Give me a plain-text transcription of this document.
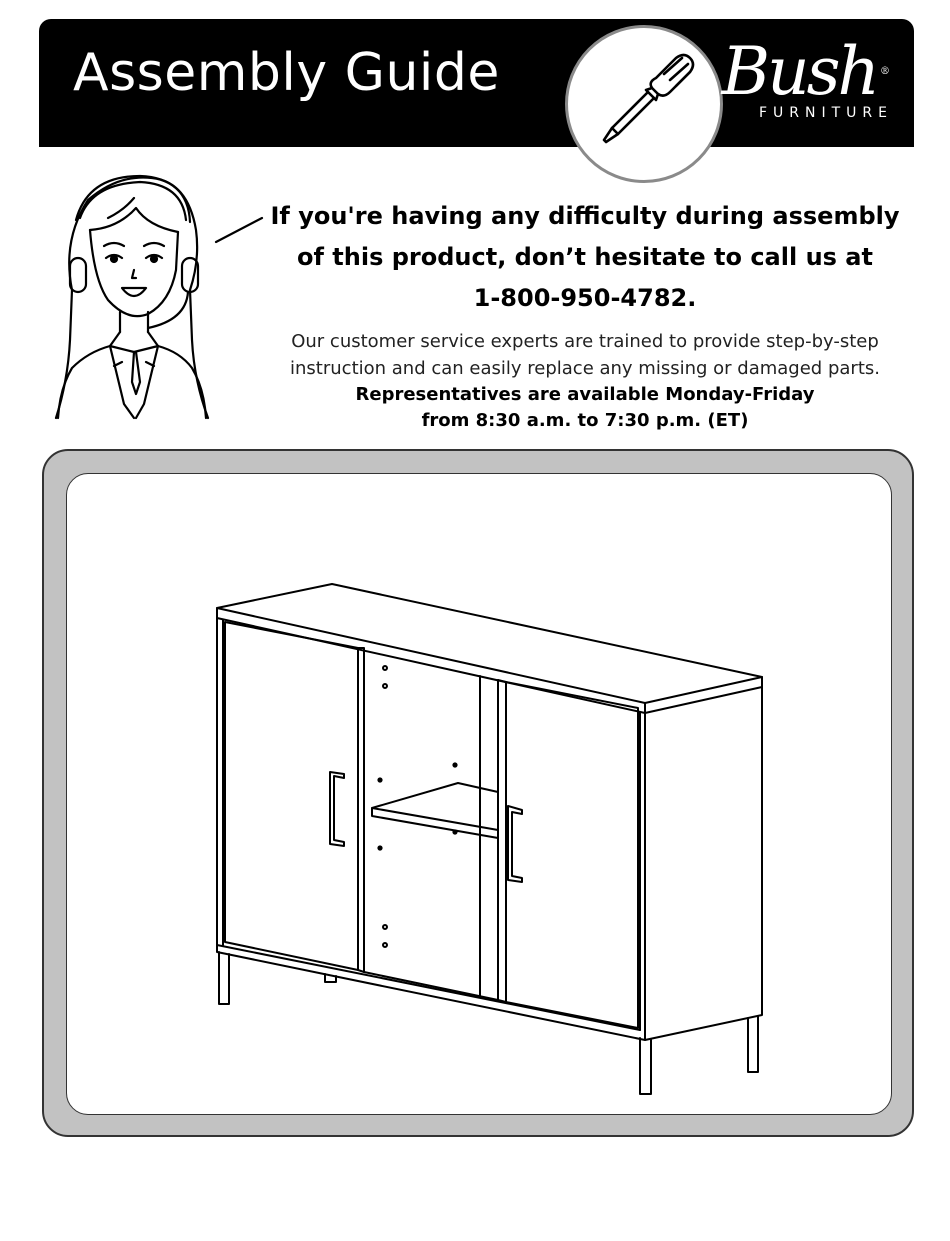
Assembly Guide	Bush ®
FURNITURE
If you're having any difficulty during assembly
of this product, don’t hesitate to call us at
1-800-950-4782.
Our customer service experts are trained to provide step-by-step
instruction and can easily replace any missing or damaged parts.
Representatives are available Monday-Friday
from 8:30 a.m. to 7:30 p.m. (ET)
